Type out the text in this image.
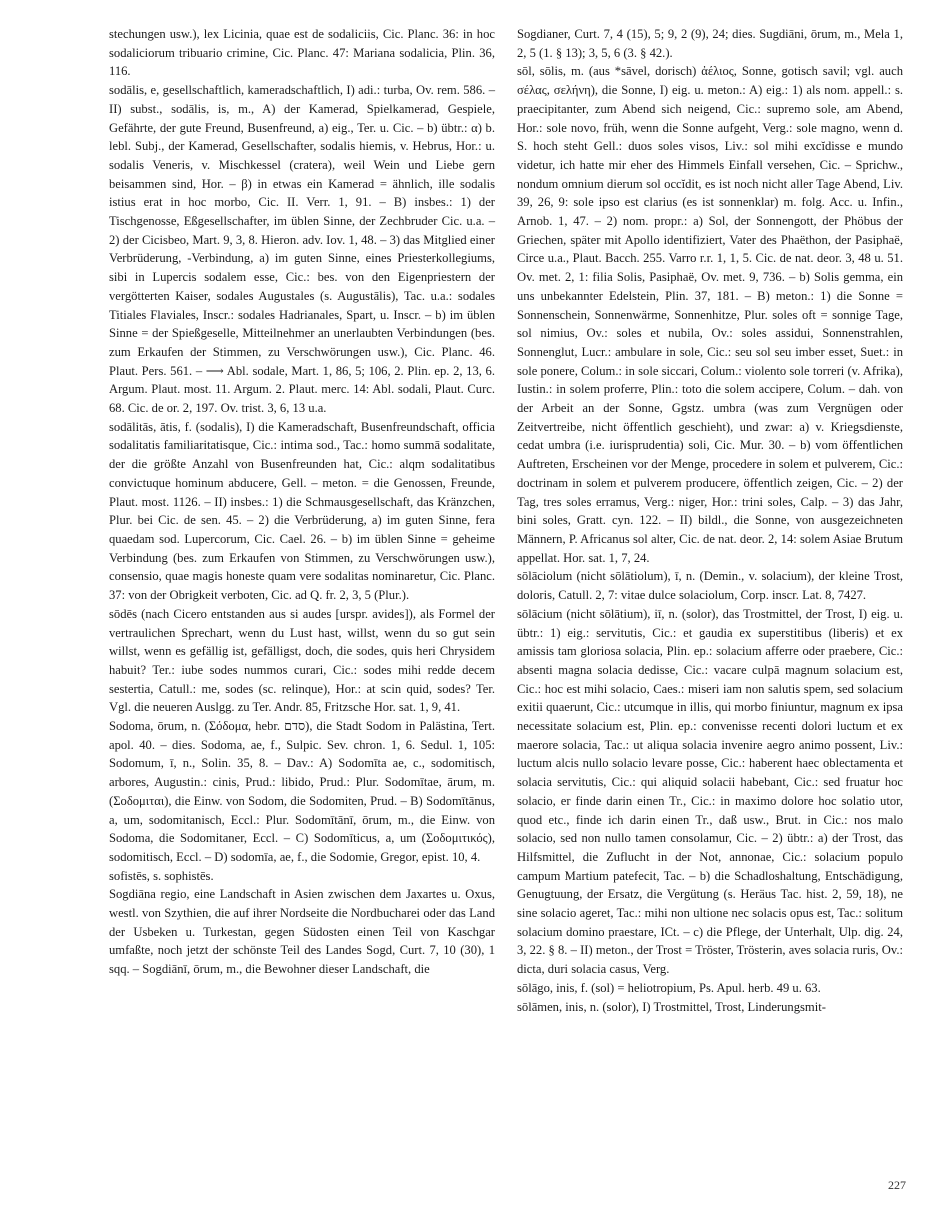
stechungen usw.), lex Licinia, quae est de sodaliciis, Cic. Planc. 36: in hoc sodaliciorum tribuario crimine, Cic. Planc. 47: Mariana sodalicia, Plin. 36, 116.

sodālis, e, gesellschaftlich, kameradschaftlich, I) adi.: turba, Ov. rem. 586. – II) subst., sodālis, is, m., A) der Kamerad, Spielkamerad, Gespiele, Gefährte, der gute Freund, Busenfreund, a) eig., Ter. u. Cic. – b) übtr.: α) b. lebl. Subj., der Kamerad, Gesellschafter, sodalis hiemis, v. Hebrus, Hor.: u. sodalis Veneris, v. Mischkessel (cratera), weil Wein und Liebe gern beisammen sind, Hor. – β) in etwas ein Kamerad = ähnlich, ille sodalis istius erat in hoc morbo, Cic. II. Verr. 1, 91. – B) insbes.: 1) der Tischgenosse, Eßgesellschafter, im üblen Sinne, der Zechbruder Cic. u.a. – 2) der Cicisbeo, Mart. 9, 3, 8. Hieron. adv. Iov. 1, 48. – 3) das Mitglied einer Verbrüderung, -Verbindung, a) im guten Sinne, eines Priesterkollegiums, sibi in Lupercis sodalem esse, Cic.: bes. von den Eigenpriestern der vergötterten Kaiser, sodales Augustales (s. Augustālis), Tac. u.a.: sodales Titiales Flaviales, Inscr.: sodales Hadrianales, Spart, u. Inscr. – b) im üblen Sinne = der Spießgeselle, Mitteilnehmer an unerlaubten Verbindungen (bes. zum Erkaufen der Stimmen, zu Verschwörungen usw.), Cic. Planc. 46. Plaut. Pers. 561. – ⟶ Abl. sodale, Mart. 1, 86, 5; 106, 2. Plin. ep. 2, 13, 6. Argum. Plaut. most. 11. Argum. 2. Plaut. merc. 14: Abl. sodali, Plaut. Curc. 68. Cic. de or. 2, 197. Ov. trist. 3, 6, 13 u.a.

sodālitās, ātis, f. (sodalis), I) die Kameradschaft, Busenfreundschaft, officia sodalitatis familiaritatisque, Cic.: intima sod., Tac.: homo summā sodalitate, der die größte Anzahl von Busenfreunden hat, Cic.: alqm sodalitatibus convictuque hominum abducere, Gell. – meton. = die Genossen, Freunde, Plaut. most. 1126. – II) insbes.: 1) die Schmausgesellschaft, das Kränzchen, Plur. bei Cic. de sen. 45. – 2) die Verbrüderung, a) im guten Sinne, fera quaedam sod. Lupercorum, Cic. Cael. 26. – b) im üblen Sinne = geheime Verbindung (bes. zum Erkaufen von Stimmen, zu Verschwörungen usw.), consensio, quae magis honeste quam vere sodalitas nominaretur, Cic. Planc. 37: von der Obrigkeit verboten, Cic. ad Q. fr. 2, 3, 5 (Plur.).

sōdēs (nach Cicero entstanden aus si audes [urspr. avides]), als Formel der vertraulichen Sprechart, wenn du Lust hast, willst, wenn du so gut sein willst, wenn es gefällig ist, gefälligst, doch, die sodes, quis heri Chrysidem habuit? Ter.: iube sodes nummos curari, Cic.: sodes mihi redde decem sestertia, Catull.: me, sodes (sc. relinque), Hor.: at scin quid, sodes? Ter. Vgl. die neueren Auslgg. zu Ter. Andr. 85, Fritzsche Hor. sat. 1, 9, 41.

Sodoma, ōrum, n. (Σόδομα, hebr. סדם), die Stadt Sodom in Palästina, Tert. apol. 40. – dies. Sodoma, ae, f., Sulpic. Sev. chron. 1, 6. Sedul. 1, 105: Sodomum, ī, n., Solin. 35, 8. – Dav.: A) Sodomīta ae, c., sodomitisch, arbores, Augustin.: cinis, Prud.: libido, Prud.: Plur. Sodomītae, ārum, m. (Σοδομιται), die Einw. von Sodom, die Sodomiten, Prud. – B) Sodomītānus, a, um, sodomitanisch, Eccl.: Plur. Sodomītānī, ōrum, m., die Einw. von Sodoma, die Sodomitaner, Eccl. – C) Sodomīticus, a, um (Σοδομιτικός), sodomitisch, Eccl. – D) sodomīa, ae, f., die Sodomie, Gregor, epist. 10, 4.

sofistēs, s. sophistēs.

Sogdiāna regio, eine Landschaft in Asien zwischen dem Jaxartes u. Oxus, westl. von Szythien, die auf ihrer Nordseite die Nordbucharei oder das Land der Usbeken u. Turkestan, gegen Südosten einen Teil von Kaschgar umfaßte, noch jetzt der schönste Teil des Landes Sogd, Curt. 7, 10 (30), 1 sqq. – Sogdiānī, ōrum, m., die Bewohner dieser Landschaft, die

Sogdianer, Curt. 7, 4 (15), 5; 9, 2 (9), 24; dies. Sugdiāni, ōrum, m., Mela 1, 2, 5 (1. § 13); 3, 5, 6 (3. § 42.).

sōl, sōlis, m. (aus *sāvel, dorisch) ἀέλιος, Sonne, gotisch savil; vgl. auch σέλας, σελήνη), die Sonne, I) eig. u. meton.: A) eig.: 1) als nom. appell.: s. praecipitanter, zum Abend sich neigend, Cic.: supremo sole, am Abend, Hor.: sole novo, früh, wenn die Sonne aufgeht, Verg.: sole magno, wenn d. S. hoch steht Gell.: duos soles visos, Liv.: sol mihi excĭdisse e mundo videtur, ich hatte mir eher des Himmels Einfall versehen, Cic. – Sprichw., nondum omnium dierum sol occĭdit, es ist noch nicht aller Tage Abend, Liv. 39, 26, 9: sole ipso est clarius (es ist sonnenklar) m. folg. Acc. u. Infin., Arnob. 1, 47. – 2) nom. propr.: a) Sol, der Sonnengott, der Phöbus der Griechen, später mit Apollo identifiziert, Vater des Phaëthon, der Pasiphaë, Circe u.a., Plaut. Bacch. 255. Varro r.r. 1, 1, 5. Cic. de nat. deor. 3, 48 u. 51. Ov. met. 2, 1: filia Solis, Pasiphaë, Ov. met. 9, 736. – b) Solis gemma, ein uns unbekannter Edelstein, Plin. 37, 181. – B) meton.: 1) die Sonne = Sonnenschein, Sonnenwärme, Sonnenhitze, Plur. soles oft = sonnige Tage, sol nimius, Ov.: soles et nubila, Ov.: soles assidui, Sonnenstrahlen, Sonnenglut, Lucr.: ambulare in sole, Cic.: seu sol seu imber esset, Suet.: in sole ponere, Colum.: in sole siccari, Colum.: violento sole torreri (v. Afrika), Iustin.: in solem proferre, Plin.: toto die solem accipere, Colum. – dah. von der Arbeit an der Sonne, Ggstz. umbra (was zum Vergnügen oder Zeitvertreibe, nicht öffentlich geschieht), und zwar: a) v. Kriegsdienste, cedat umbra (i.e. iurisprudentia) soli, Cic. Mur. 30. – b) vom öffentlichen Auftreten, Erscheinen vor der Menge, procedere in solem et pulverem, Cic.: doctrinam in solem et pulverem producere, öffentlich zeigen, Cic. – 2) der Tag, tres soles erramus, Verg.: niger, Hor.: trini soles, Calp. – 3) das Jahr, bini soles, Gratt. cyn. 122. – II) bildl., die Sonne, von ausgezeichneten Männern, P. Africanus sol alter, Cic. de nat. deor. 2, 14: solem Asiae Brutum appellat. Hor. sat. 1, 7, 24.

sōlāciolum (nicht sōlātiolum), ī, n. (Demin., v. solacium), der kleine Trost, doloris, Catull. 2, 7: vitae dulce solaciolum, Corp. inscr. Lat. 8, 7427.

sōlācium (nicht sōlātium), iī, n. (solor), das Trostmittel, der Trost, I) eig. u. übtr.: 1) eig.: servitutis, Cic.: et gaudia ex superstitibus (liberis) et ex amissis tam gloriosa solacia, Plin. ep.: solacium afferre oder praebere, Cic.: absenti magna solacia dedisse, Cic.: vacare culpā magnum solacium est, Cic.: hoc est mihi solacio, Caes.: miseri iam non salutis spem, sed solacium exitii quaerunt, Cic.: utcumque in illis, qui morbo finiuntur, magnum ex ipsa necessitate solacium est, Plin. ep.: convenisse recenti dolori luctum et ex maerore solacia, Tac.: ut aliqua solacia invenire aegro animo possent, Liv.: luctum alcis nullo solacio levare posse, Cic.: haberent haec oblectamenta et solacia servitutis, Cic.: qui aliquid solacii habebant, Cic.: sed fruatur hoc solacio, er finde darin einen Tr., Cic.: in maximo dolore hoc solatio utor, quod etc., finde ich darin einen Tr., daß usw., Brut. in Cic.: nos malo solacio, sed non nullo tamen consolamur, Cic. – 2) übtr.: a) der Trost, das Hilfsmittel, die Zuflucht in der Not, annonae, Cic.: solacium populo campum Martium patefecit, Tac. – b) die Schadloshaltung, Entschädigung, Genugtuung, der Ersatz, die Vergütung (s. Heräus Tac. hist. 2, 59, 18), ne sine solacio ageret, Tac.: mihi non ultione nec solacis opus est, Tac.: solitum solacium domino praestare, ICt. – c) die Pflege, der Unterhalt, Ulp. dig. 24, 3, 22. § 8. – II) meton., der Trost = Tröster, Trösterin, aves solacia ruris, Ov.: dicta, duri solacia casus, Verg.

sōlāgo, inis, f. (sol) = heliotropium, Ps. Apul. herb. 49 u. 63.

sōlāmen, inis, n. (solor), I) Trostmittel, Trost, Linderungsmit-

227
